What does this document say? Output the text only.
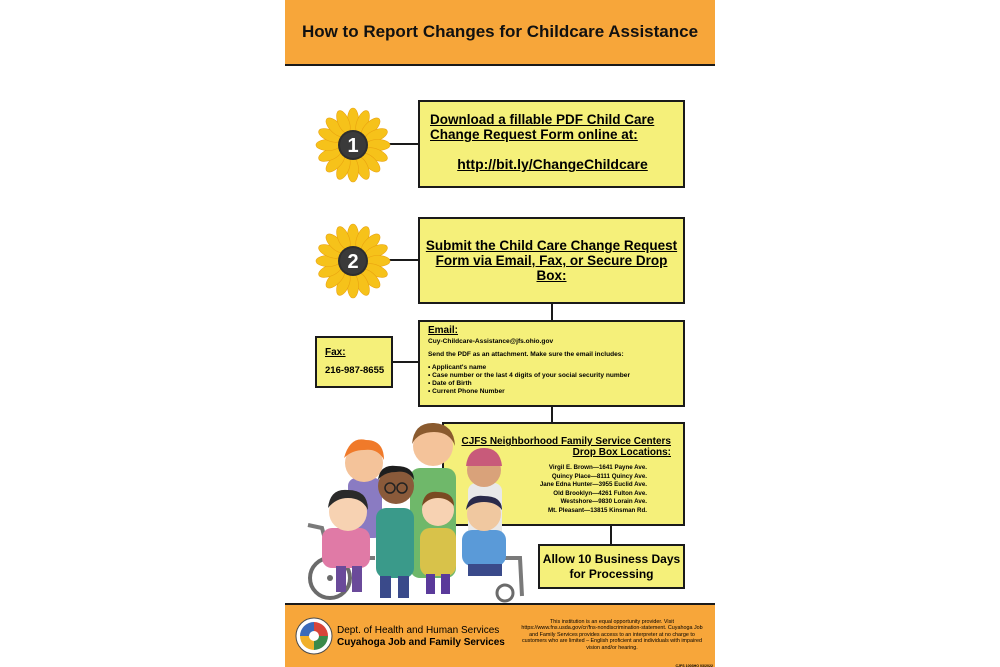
How to Report Changes for Childcare Assistance
1
2
Download a fillable PDF Child Care Change Request Form online at:
http://bit.ly/ChangeChildcare
Submit the Child Care Change Request Form via Email, Fax, or Secure Drop Box:
Fax:
216-987-8655
Email:
Cuy-Childcare-Assistance@jfs.ohio.gov
Send the PDF as an attachment. Make sure the email includes:
• Applicant's name
• Case number or the last 4 digits of your social security number
• Date of Birth
• Current Phone Number
CJFS Neighborhood Family Service Centers Drop Box Locations:
Virgil E. Brown—1641 Payne Ave.
Quincy Place—8111 Quincy Ave.
Jane Edna Hunter—3955 Euclid Ave.
Old Brooklyn—4261 Fulton Ave.
Westshore—9830 Lorain Ave.
Mt. Pleasant—13815 Kinsman Rd.
Allow 10 Business Days for Processing
Dept. of Health and Human Services
Cuyahoga Job and Family Services
This institution is an equal opportunity provider. Visit https://www.fns.usda.gov/cr/fns-nondiscrimination-statement. Cuyahoga Job and Family Services provides access to an interpreter at no charge to customers who are limited – English proficient and individuals with impaired vision and/or hearing.
CJFS 1003HO 03/2022
